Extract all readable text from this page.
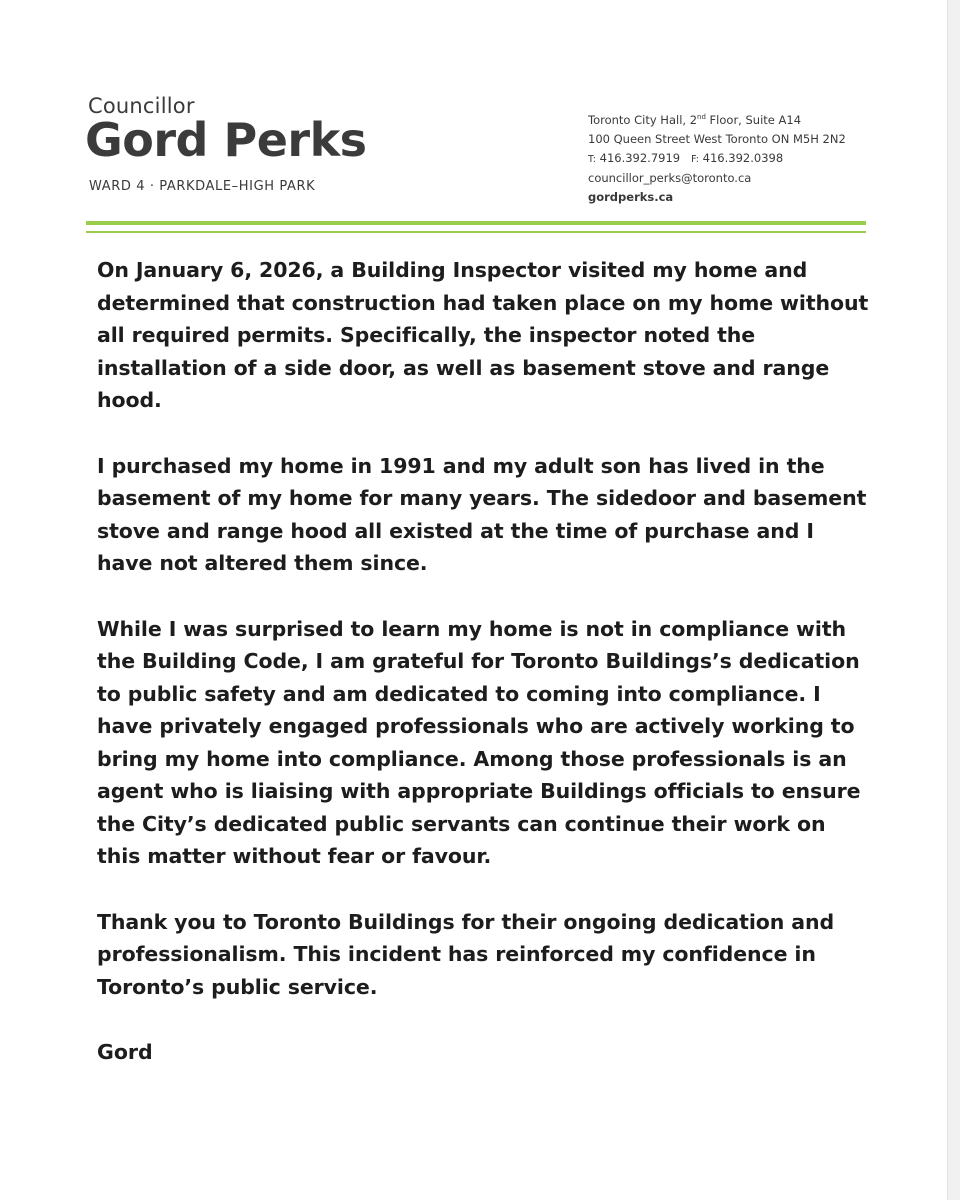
Councillor
Gord Perks
WARD 4 · PARKDALE–HIGH PARK
Toronto City Hall, 2nd Floor, Suite A14
100 Queen Street West Toronto ON M5H 2N2
T: 416.392.7919 F: 416.392.0398
councillor_perks@toronto.ca
gordperks.ca

On January 6, 2026, a Building Inspector visited my home and determined that construction had taken place on my home without all required permits. Specifically, the inspector noted the installation of a side door, as well as basement stove and range hood.

I purchased my home in 1991 and my adult son has lived in the basement of my home for many years. The sidedoor and basement stove and range hood all existed at the time of purchase and I have not altered them since.

While I was surprised to learn my home is not in compliance with the Building Code, I am grateful for Toronto Buildings’s dedication to public safety and am dedicated to coming into compliance. I have privately engaged professionals who are actively working to bring my home into compliance. Among those professionals is an agent who is liaising with appropriate Buildings officials to ensure the City’s dedicated public servants can continue their work on this matter without fear or favour.

Thank you to Toronto Buildings for their ongoing dedication and professionalism. This incident has reinforced my confidence in Toronto’s public service.

Gord
